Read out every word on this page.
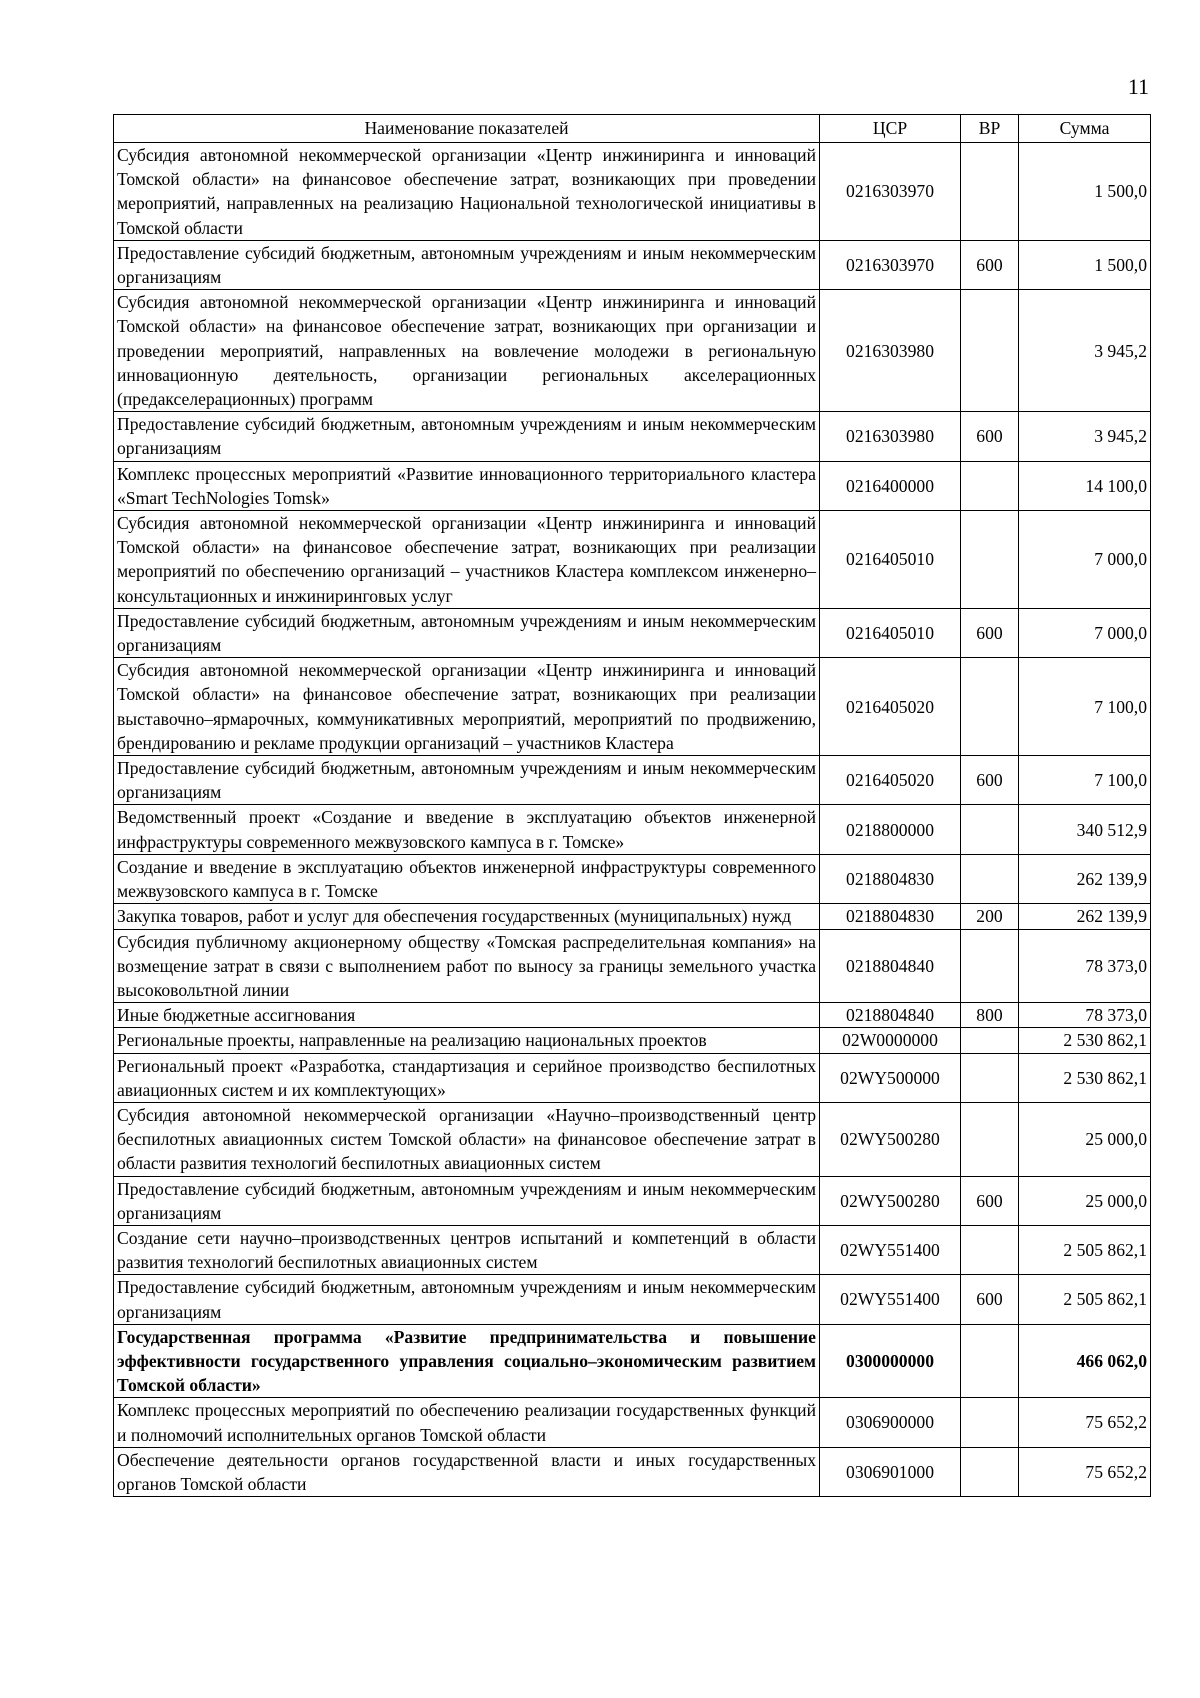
11
Наименование показателей	ЦСР	ВР	Сумма
Субсидия автономной некоммерческой организации «Центр инжиниринга и инноваций Томской области» на финансовое обеспечение затрат, возникающих при проведении мероприятий, направленных на реализацию Национальной технологической инициативы в Томской области	0216303970		1 500,0
Предоставление субсидий бюджетным, автономным учреждениям и иным некоммерческим организациям	0216303970	600	1 500,0
Субсидия автономной некоммерческой организации «Центр инжиниринга и инноваций Томской области» на финансовое обеспечение затрат, возникающих при организации и проведении мероприятий, направленных на вовлечение молодежи в региональную инновационную деятельность, организации региональных акселерационных (предакселерационных) программ	0216303980		3 945,2
Предоставление субсидий бюджетным, автономным учреждениям и иным некоммерческим организациям	0216303980	600	3 945,2
Комплекс процессных мероприятий «Развитие инновационного территориального кластера «Smart TechNologies Tomsk»	0216400000		14 100,0
Субсидия автономной некоммерческой организации «Центр инжиниринга и инноваций Томской области» на финансовое обеспечение затрат, возникающих при реализации мероприятий по обеспечению организаций – участников Кластера комплексом инженерно–консультационных и инжиниринговых услуг	0216405010		7 000,0
Предоставление субсидий бюджетным, автономным учреждениям и иным некоммерческим организациям	0216405010	600	7 000,0
Субсидия автономной некоммерческой организации «Центр инжиниринга и инноваций Томской области» на финансовое обеспечение затрат, возникающих при реализации выставочно–ярмарочных, коммуникативных мероприятий, мероприятий по продвижению, брендированию и рекламе продукции организаций – участников Кластера	0216405020		7 100,0
Предоставление субсидий бюджетным, автономным учреждениям и иным некоммерческим организациям	0216405020	600	7 100,0
Ведомственный проект «Создание и введение в эксплуатацию объектов инженерной инфраструктуры современного межвузовского кампуса в г. Томске»	0218800000		340 512,9
Создание и введение в эксплуатацию объектов инженерной инфраструктуры современного межвузовского кампуса в г. Томске	0218804830		262 139,9
Закупка товаров, работ и услуг для обеспечения государственных (муниципальных) нужд	0218804830	200	262 139,9
Субсидия публичному акционерному обществу «Томская распределительная компания» на возмещение затрат в связи с выполнением работ по выносу за границы земельного участка высоковольтной линии	0218804840		78 373,0
Иные бюджетные ассигнования	0218804840	800	78 373,0
Региональные проекты, направленные на реализацию национальных проектов	02W0000000		2 530 862,1
Региональный проект «Разработка, стандартизация и серийное производство беспилотных авиационных систем и их комплектующих»	02WY500000		2 530 862,1
Субсидия автономной некоммерческой организации «Научно–производственный центр беспилотных авиационных систем Томской области» на финансовое обеспечение затрат в области развития технологий беспилотных авиационных систем	02WY500280		25 000,0
Предоставление субсидий бюджетным, автономным учреждениям и иным некоммерческим организациям	02WY500280	600	25 000,0
Создание сети научно–производственных центров испытаний и компетенций в области развития технологий беспилотных авиационных систем	02WY551400		2 505 862,1
Предоставление субсидий бюджетным, автономным учреждениям и иным некоммерческим организациям	02WY551400	600	2 505 862,1
Государственная программа «Развитие предпринимательства и повышение эффективности государственного управления социально–экономическим развитием Томской области»	0300000000		466 062,0
Комплекс процессных мероприятий по обеспечению реализации государственных функций и полномочий исполнительных органов Томской области	0306900000		75 652,2
Обеспечение деятельности органов государственной власти и иных государственных органов Томской области	0306901000		75 652,2
